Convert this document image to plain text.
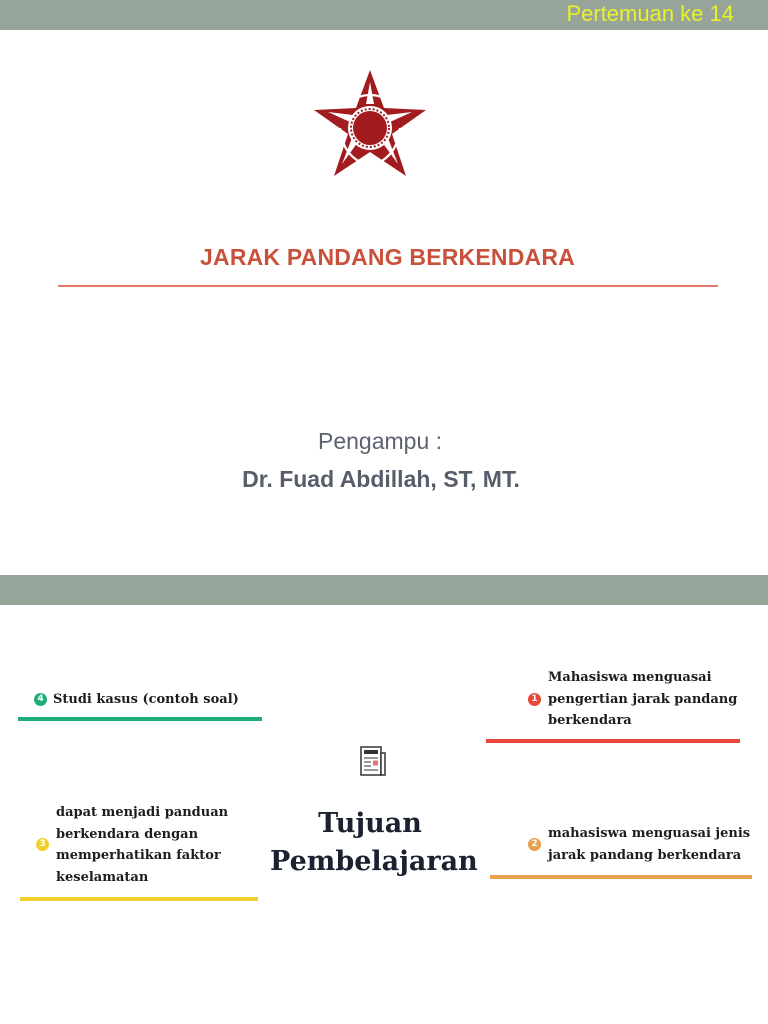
Pertemuan ke 14
JARAK PANDANG BERKENDARA
Pengampu :
Dr. Fuad Abdillah, ST, MT.
4 Studi kasus (contoh soal)	1
Mahasiswa menguasai
pengertian jarak pandang
berkendara
3
dapat menjadi panduan
berkendara dengan
memperhatikan faktor
keselamatan
2
mahasiswa menguasai jenis
jarak pandang berkendara
Tujuan
Pembelajaran
